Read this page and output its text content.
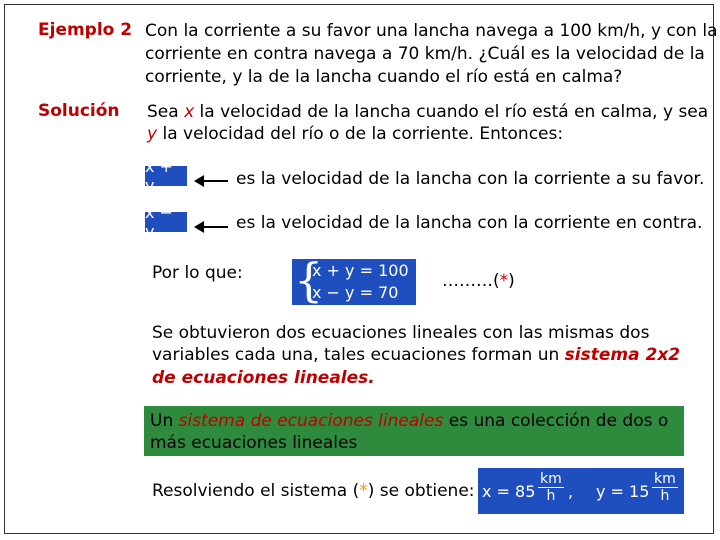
Ejemplo 2 Con la corriente a su favor una lancha navega a 100 km/h, y con la
corriente en contra navega a 70 km/h. ¿Cuál es la velocidad de la
corriente, y la de la lancha cuando el río está en calma?
Solución Sea x la velocidad de la lancha cuando el río está en calma, y sea
y la velocidad del río o de la corriente. Entonces:
x + y	es la velocidad de la lancha con la corriente a su favor.
x − y	es la velocidad de la lancha con la corriente en contra.
Por lo que: {
x + y = 100
x − y = 70
………(*)
Se obtuvieron dos ecuaciones lineales con las mismas dos
variables cada una, tales ecuaciones forman un sistema 2x2
de ecuaciones lineales.
Un sistema de ecuaciones lineales es una colección de dos o
más ecuaciones lineales
Resolviendo el sistema (*) se obtiene: $x = 85 \frac{km}{h}$ , $y = 15 \frac{km}{h}$
